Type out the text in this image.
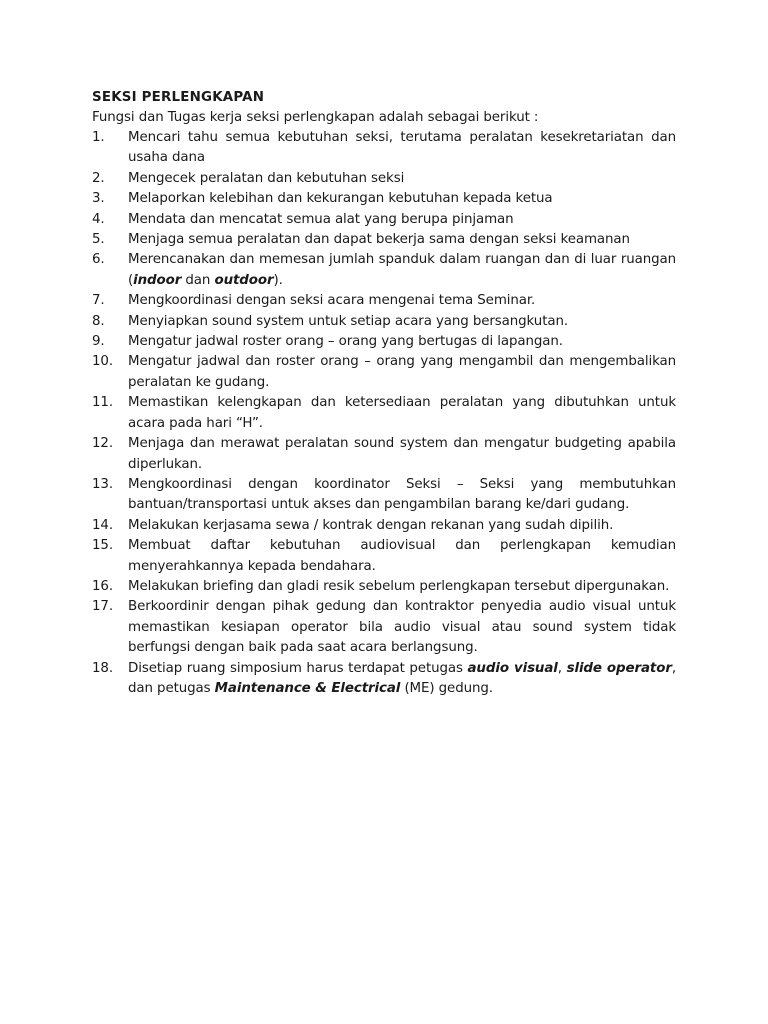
SEKSI PERLENGKAPAN
Fungsi dan Tugas kerja seksi perlengkapan adalah sebagai berikut :
1. Mencari tahu semua kebutuhan seksi, terutama peralatan kesekretariatan dan usaha dana
2. Mengecek peralatan dan kebutuhan seksi
3. Melaporkan kelebihan dan kekurangan kebutuhan kepada ketua
4. Mendata dan mencatat semua alat yang berupa pinjaman
5. Menjaga semua peralatan dan dapat bekerja sama dengan seksi keamanan
6. Merencanakan dan memesan jumlah spanduk dalam ruangan dan di luar ruangan (indoor dan outdoor).
7. Mengkoordinasi dengan seksi acara mengenai tema Seminar.
8. Menyiapkan sound system untuk setiap acara yang bersangkutan.
9. Mengatur jadwal roster orang – orang yang bertugas di lapangan.
10. Mengatur jadwal dan roster orang – orang yang mengambil dan mengembalikan peralatan ke gudang.
11. Memastikan kelengkapan dan ketersediaan peralatan yang dibutuhkan untuk acara pada hari “H”.
12. Menjaga dan merawat peralatan sound system dan mengatur budgeting apabila diperlukan.
13. Mengkoordinasi dengan koordinator Seksi – Seksi yang membutuhkan bantuan/transportasi untuk akses dan pengambilan barang ke/dari gudang.
14. Melakukan kerjasama sewa / kontrak dengan rekanan yang sudah dipilih.
15. Membuat daftar kebutuhan audiovisual dan perlengkapan kemudian menyerahkannya kepada bendahara.
16. Melakukan briefing dan gladi resik sebelum perlengkapan tersebut dipergunakan.
17. Berkoordinir dengan pihak gedung dan kontraktor penyedia audio visual untuk memastikan kesiapan operator bila audio visual atau sound system tidak berfungsi dengan baik pada saat acara berlangsung.
18. Disetiap ruang simposium harus terdapat petugas audio visual, slide operator, dan petugas Maintenance & Electrical (ME) gedung.
